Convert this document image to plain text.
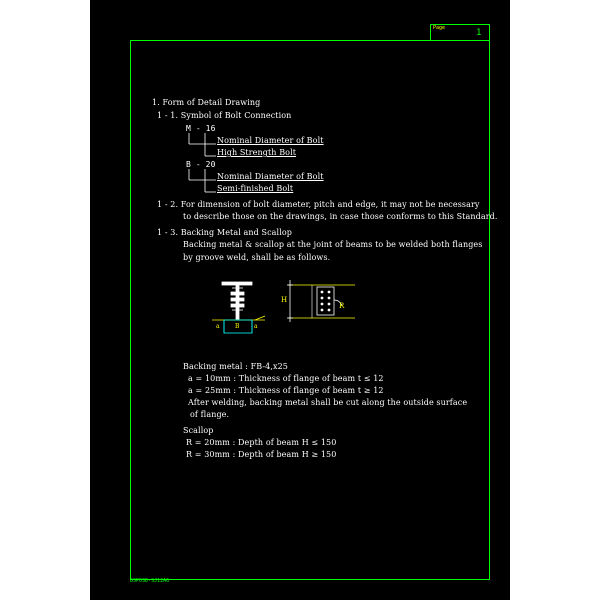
Page	1
1. Form of Detail Drawing
1 - 1. Symbol of Bolt Connection
M - 16
Nominal Diameter of Bolt
High Strength Bolt
B - 20
Nominal Diameter of Bolt
Semi-finished Bolt
1 - 2. For dimension of bolt diameter, pitch and edge, it may not be necessary
to describe those on the drawings, in case those conforms to this Standard.
1 - 3. Backing Metal and Scallop
Backing metal & scallop at the joint of beams to be welded both flanges
by groove weld, shall be as follows.
a	B a
H
R
Backing metal : FB-4,x25
a = 10mm : Thickness of flange of beam t ≤ 12
a = 25mm : Thickness of flange of beam t ≥ 12
After welding, backing metal shall be cut along the outside surface
of flange.
Scallop
R = 20mm : Depth of beam H ≤ 150
R = 30mm : Depth of beam H ≥ 150
DSPOSD-SJ12A6
